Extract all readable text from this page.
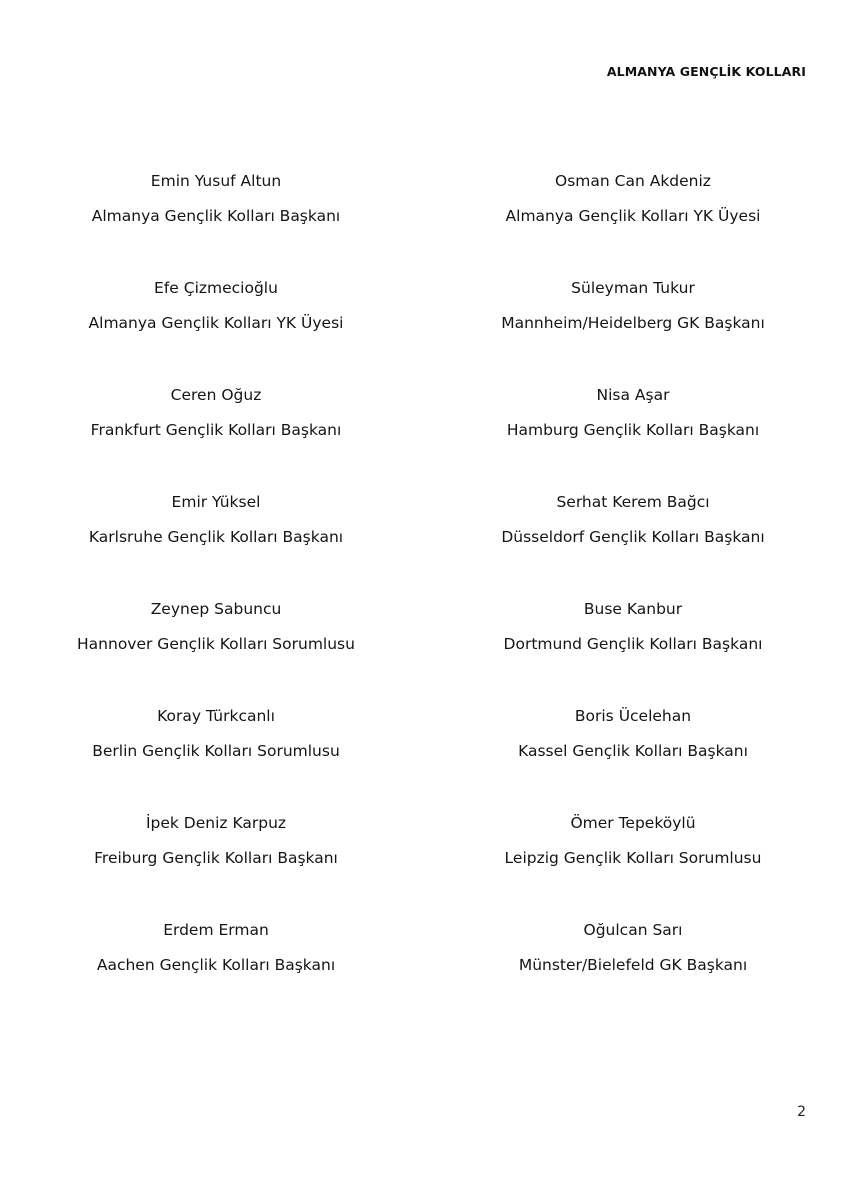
ALMANYA GENÇLİK KOLLARI
Emin Yusuf Altun
Almanya Gençlik Kolları Başkanı
Osman Can Akdeniz
Almanya Gençlik Kolları YK Üyesi
Efe Çizmecioğlu
Almanya Gençlik Kolları YK Üyesi
Süleyman Tukur
Mannheim/Heidelberg GK Başkanı
Ceren Oğuz
Frankfurt Gençlik Kolları Başkanı
Nisa Aşar
Hamburg Gençlik Kolları Başkanı
Emir Yüksel
Karlsruhe Gençlik Kolları Başkanı
Serhat Kerem Bağcı
Düsseldorf Gençlik Kolları Başkanı
Zeynep Sabuncu
Hannover Gençlik Kolları Sorumlusu
Buse Kanbur
Dortmund Gençlik Kolları Başkanı
Koray Türkcanlı
Berlin Gençlik Kolları Sorumlusu
Boris Ücelehan
Kassel Gençlik Kolları Başkanı
İpek Deniz Karpuz
Freiburg Gençlik Kolları Başkanı
Ömer Tepeköylü
Leipzig Gençlik Kolları Sorumlusu
Erdem Erman
Aachen Gençlik Kolları Başkanı
Oğulcan Sarı
Münster/Bielefeld GK Başkanı
2
